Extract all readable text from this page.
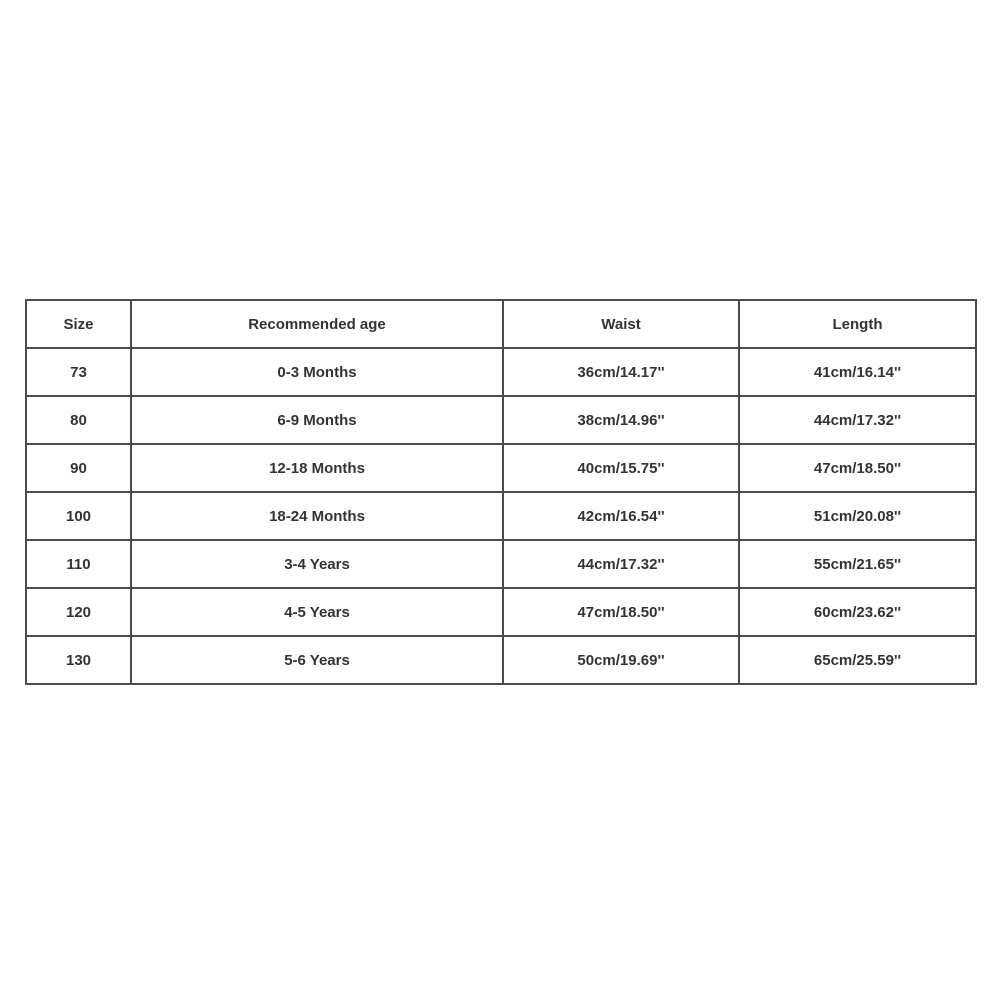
Size	Recommended age	Waist	Length
73	0-3 Months	36cm/14.17''	41cm/16.14''
80	6-9 Months	38cm/14.96''	44cm/17.32''
90	12-18 Months	40cm/15.75''	47cm/18.50''
100	18-24 Months	42cm/16.54''	51cm/20.08''
110	3-4 Years	44cm/17.32''	55cm/21.65''
120	4-5 Years	47cm/18.50''	60cm/23.62''
130	5-6 Years	50cm/19.69''	65cm/25.59''
